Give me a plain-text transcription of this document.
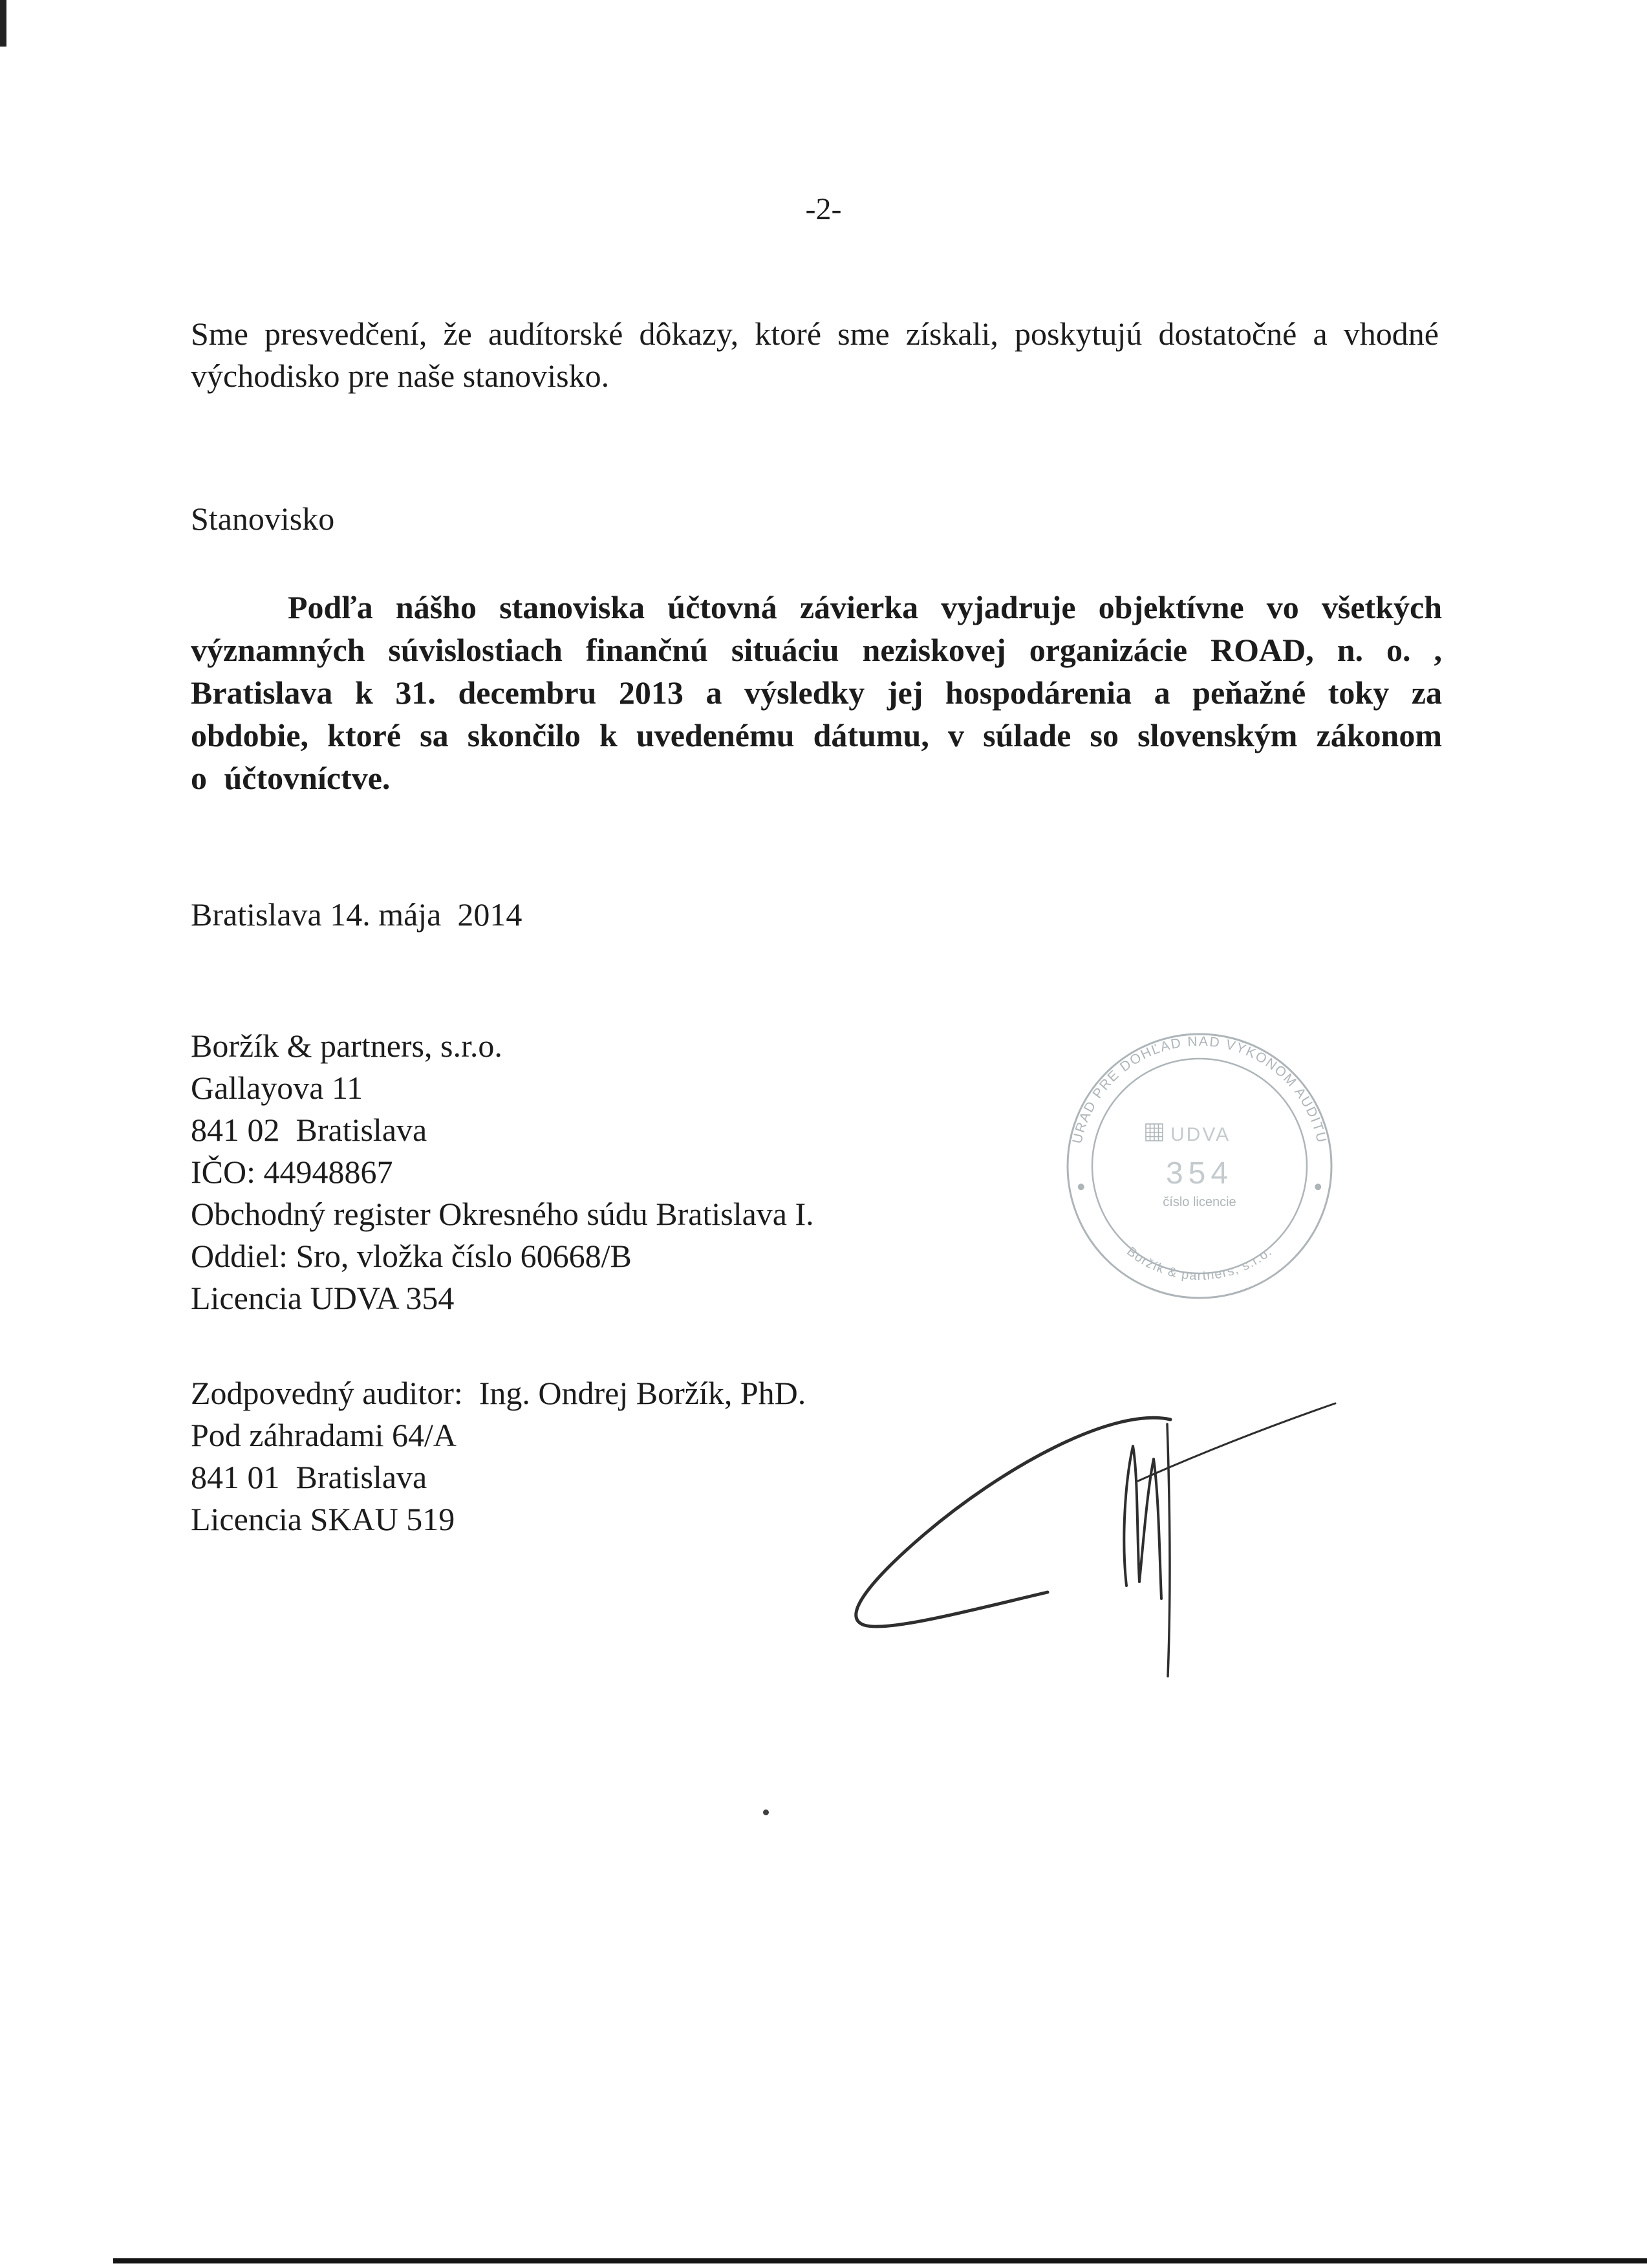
-2-

Sme presvedčení, že audítorské dôkazy, ktoré sme získali, poskytujú dostatočné a vhodné východisko pre naše stanovisko.

Stanovisko

Podľa nášho stanoviska účtovná závierka vyjadruje objektívne vo všetkých významných súvislostiach finančnú situáciu neziskovej organizácie ROAD, n. o. , Bratislava k 31. decembru 2013 a výsledky jej hospodárenia a peňažné toky za obdobie, ktoré sa skončilo k uvedenému dátumu, v súlade so slovenským zákonom o účtovníctve.

Bratislava 14. mája  2014
Boržík & partners, s.r.o.
Gallayova 11
841 02  Bratislava
IČO: 44948867
Obchodný register Okresného súdu Bratislava I.
Oddiel: Sro, vložka číslo 60668/B
Licencia UDVA 354
ÚRAD PRE DOHĽAD NAD VÝKONOM AUDITU
Boržík & partners, s.r.o.
UDVA
354
číslo licencie
Zodpovedný auditor:  Ing. Ondrej Boržík, PhD.
Pod záhradami 64/A
841 01  Bratislava
Licencia SKAU 519
